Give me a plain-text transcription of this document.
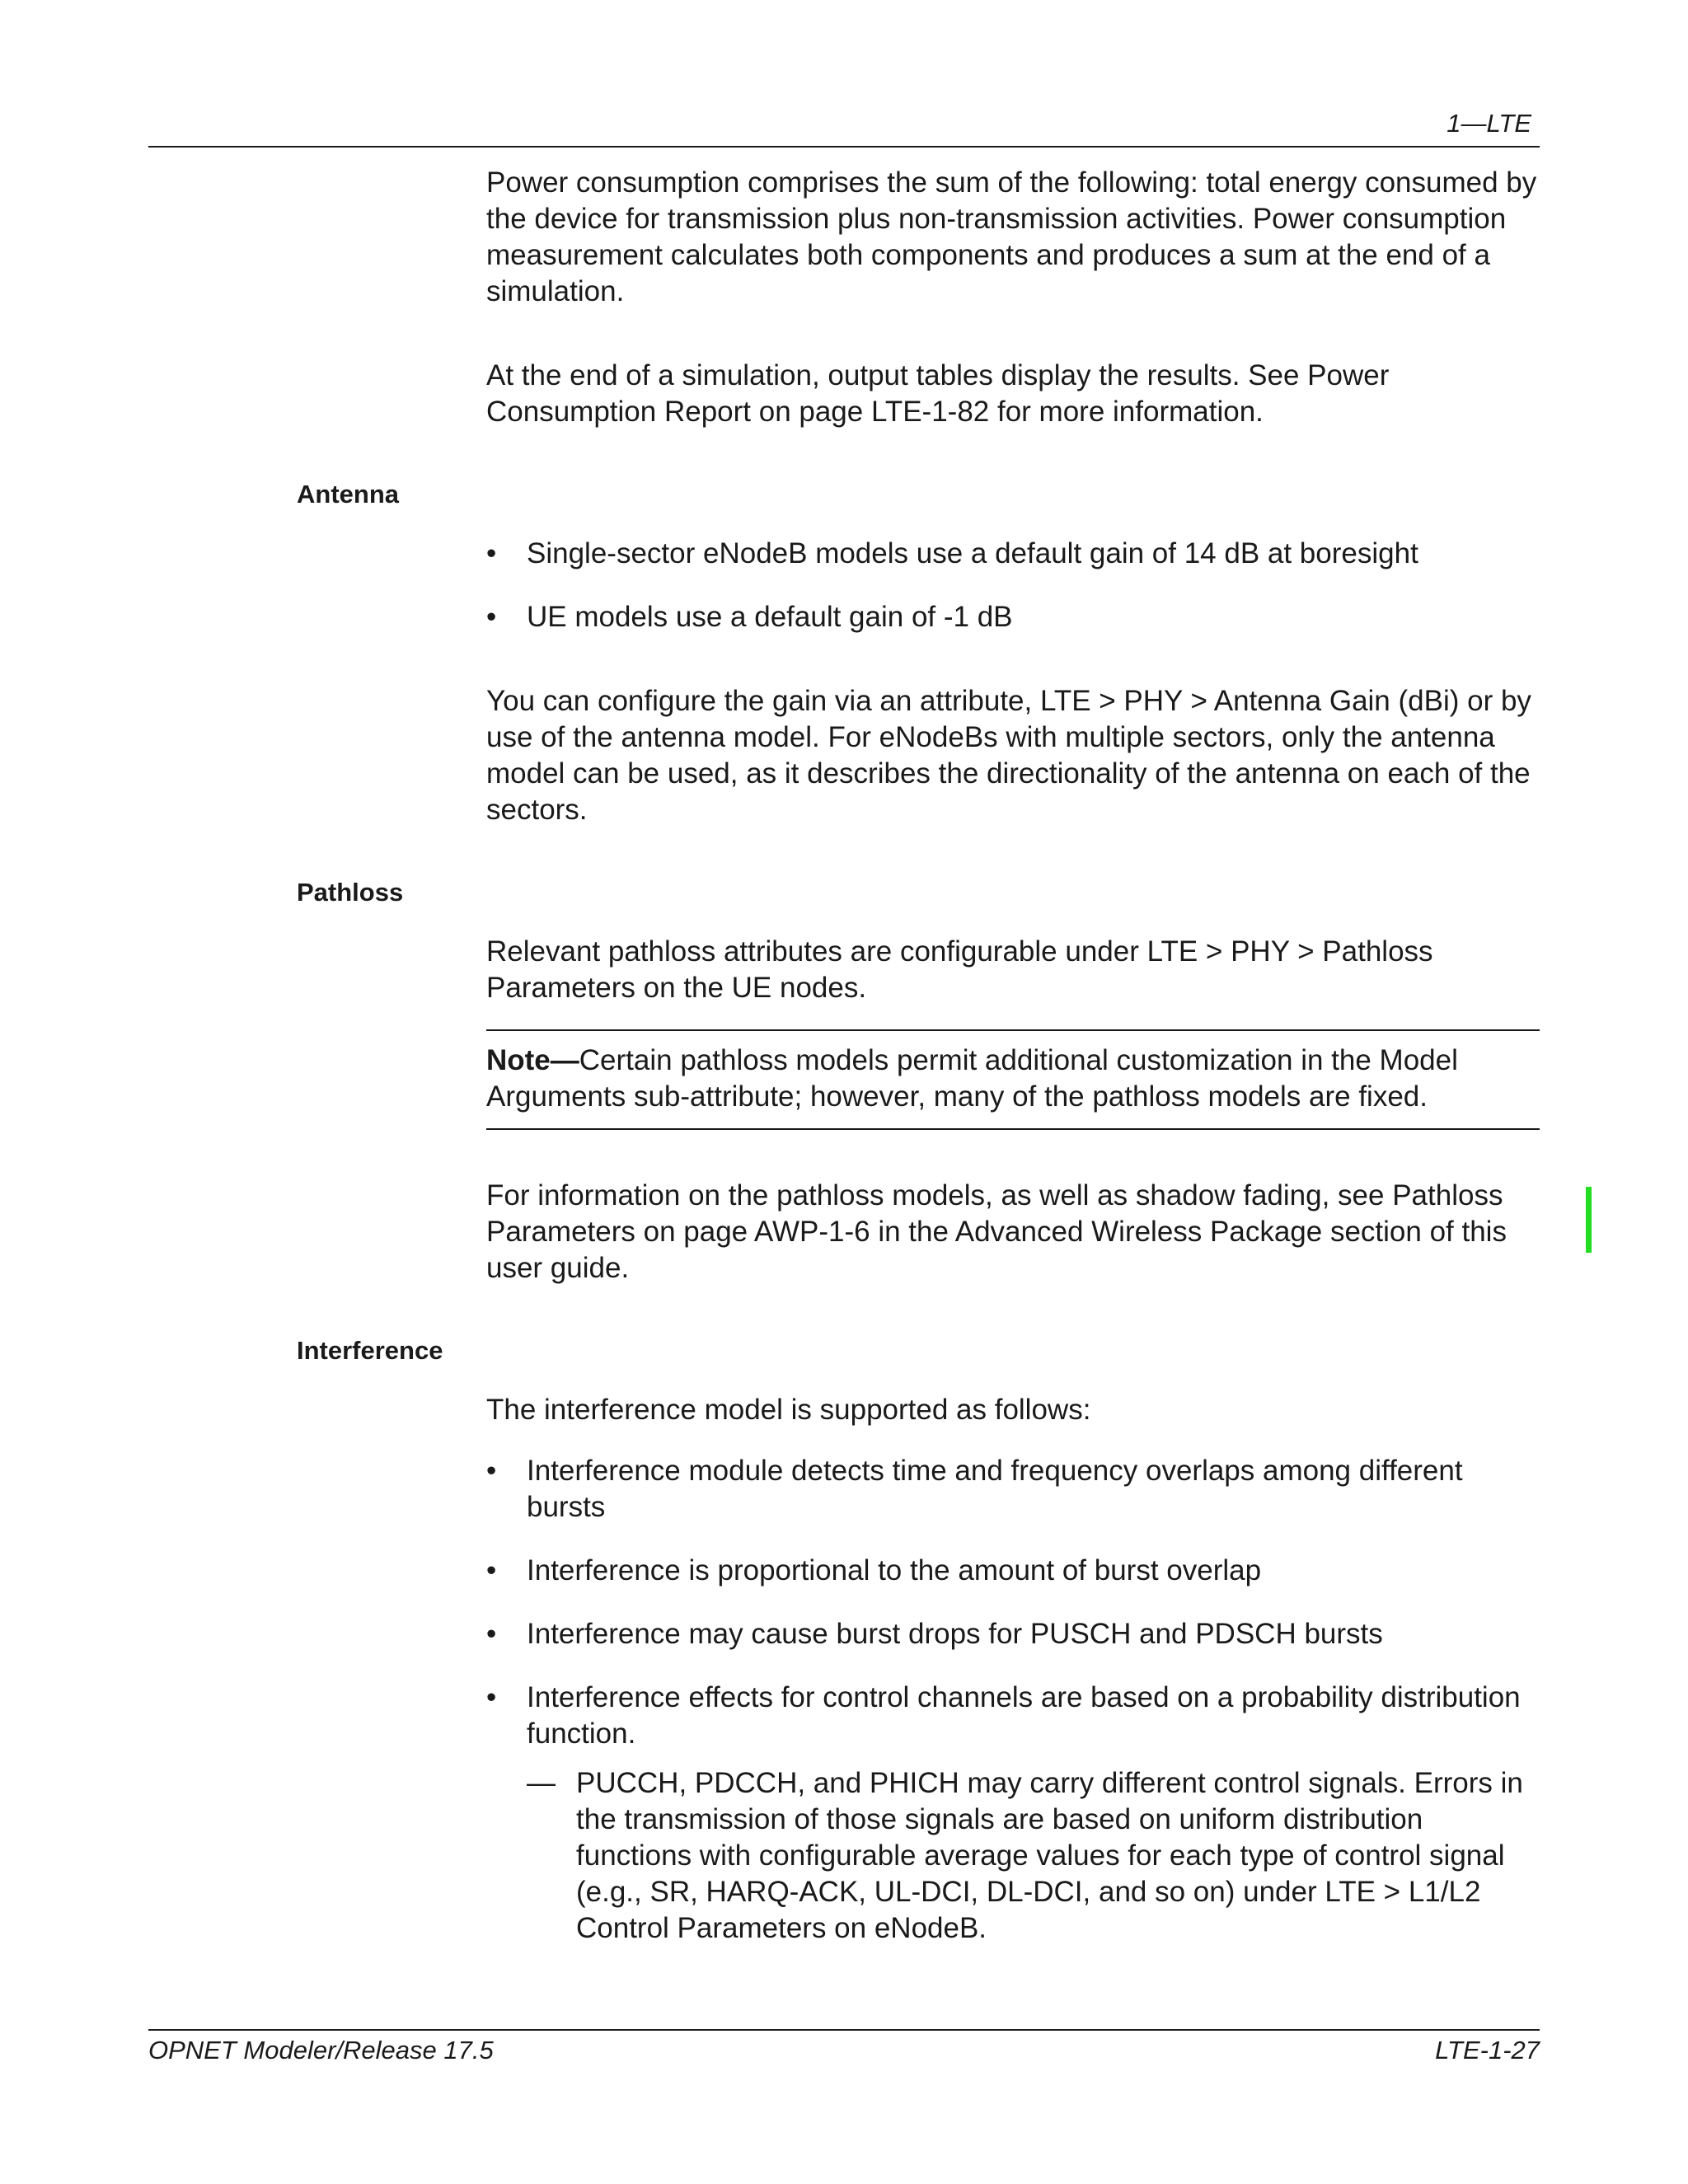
1—LTE

Power consumption comprises the sum of the following: total energy consumed by the device for transmission plus non-transmission activities. Power consumption measurement calculates both components and produces a sum at the end of a simulation.

At the end of a simulation, output tables display the results. See Power Consumption Report on page LTE-1-82 for more information.

Antenna
• Single-sector eNodeB models use a default gain of 14 dB at boresight
• UE models use a default gain of -1 dB

You can configure the gain via an attribute, LTE > PHY > Antenna Gain (dBi) or by use of the antenna model. For eNodeBs with multiple sectors, only the antenna model can be used, as it describes the directionality of the antenna on each of the sectors.

Pathloss

Relevant pathloss attributes are configurable under LTE > PHY > Pathloss Parameters on the UE nodes.

Note—Certain pathloss models permit additional customization in the Model Arguments sub-attribute; however, many of the pathloss models are fixed.

For information on the pathloss models, as well as shadow fading, see Pathloss Parameters on page AWP-1-6 in the Advanced Wireless Package section of this user guide.

Interference

The interference model is supported as follows:

• Interference module detects time and frequency overlaps among different bursts
• Interference is proportional to the amount of burst overlap
• Interference may cause burst drops for PUSCH and PDSCH bursts
• Interference effects for control channels are based on a probability distribution function.
— PUCCH, PDCCH, and PHICH may carry different control signals. Errors in the transmission of those signals are based on uniform distribution functions with configurable average values for each type of control signal (e.g., SR, HARQ-ACK, UL-DCI, DL-DCI, and so on) under LTE > L1/L2 Control Parameters on eNodeB.
OPNET Modeler/Release 17.5	LTE-1-27
